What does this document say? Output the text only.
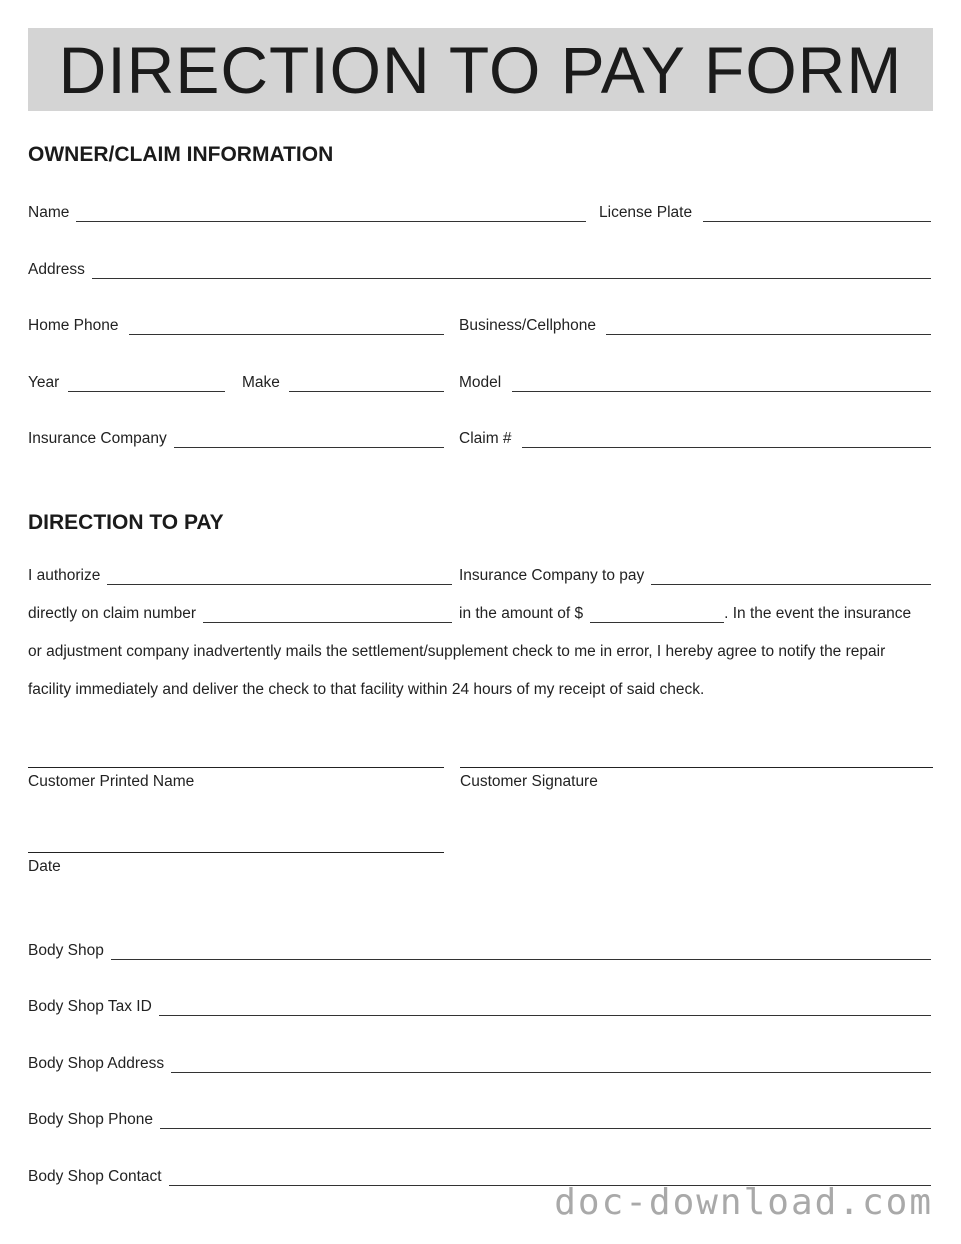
DIRECTION TO PAY FORM
OWNER/CLAIM INFORMATION
Name	License Plate
Address
Home Phone	Business/Cellphone
Year	Make	Model
Insurance Company	Claim #
DIRECTION TO PAY
I authorize	Insurance Company to pay
directly on claim number	in the amount of $	. In the event the insurance
or adjustment company inadvertently mails the settlement/supplement check to me in error, I hereby agree to notify the repair
facility immediately and deliver the check to that facility within 24 hours of my receipt of said check.
Customer Printed Name	Customer Signature
Date
Body Shop
Body Shop Tax ID
Body Shop Address
Body Shop Phone
Body Shop Contact
doc-download.com
